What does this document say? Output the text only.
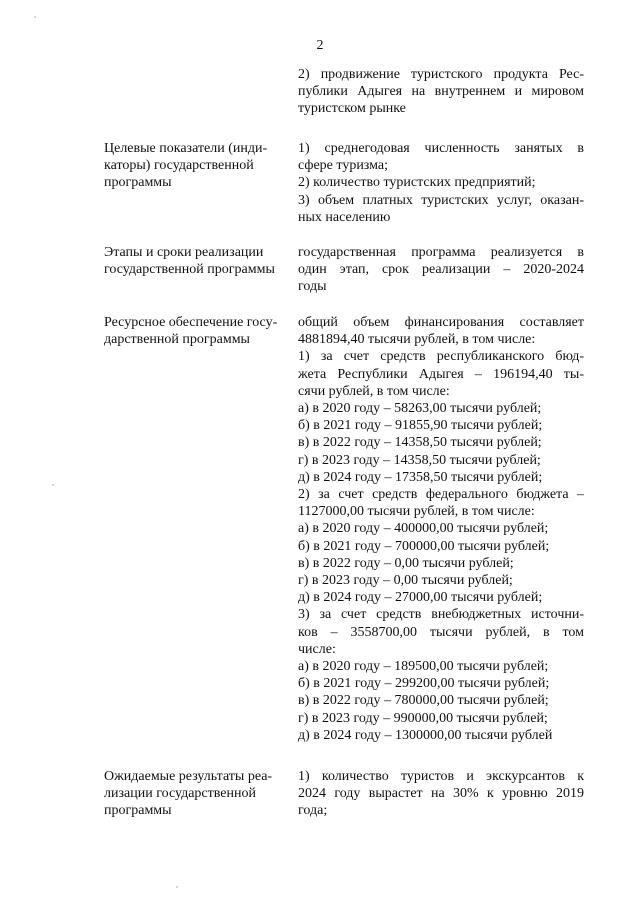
2

2) продвижение туристского продукта Рес-

публики Адыгея на внутреннем и мировом

туристском рынке

Целевые показатели (инди-
каторы) государственной
программы

1) среднегодовая численность занятых в

сфере туризма;

2) количество туристских предприятий;

3) объем платных туристских услуг, оказан-

ных населению

Этапы и сроки реализации
государственной программы

государственная программа реализуется в

один этап, срок реализации – 2020-2024

годы

Ресурсное обеспечение госу-
дарственной программы

общий объем финансирования составляет

4881894,40 тысячи рублей, в том числе:

1) за счет средств республиканского бюд-

жета Республики Адыгея – 196194,40 ты-

сячи рублей, в том числе:

а) в 2020 году – 58263,00 тысячи рублей;

б) в 2021 году – 91855,90 тысячи рублей;

в) в 2022 году – 14358,50 тысячи рублей;

г) в 2023 году – 14358,50 тысячи рублей;

д) в 2024 году – 17358,50 тысячи рублей;

2) за счет средств федерального бюджета –

1127000,00 тысячи рублей, в том числе:

а) в 2020 году – 400000,00 тысячи рублей;

б) в 2021 году – 700000,00 тысячи рублей;

в) в 2022 году – 0,00 тысячи рублей;

г) в 2023 году – 0,00 тысячи рублей;

д) в 2024 году – 27000,00 тысячи рублей;

3) за счет средств внебюджетных источни-

ков – 3558700,00 тысячи рублей, в том

числе:

а) в 2020 году – 189500,00 тысячи рублей;

б) в 2021 году – 299200,00 тысячи рублей;

в) в 2022 году – 780000,00 тысячи рублей;

г) в 2023 году – 990000,00 тысячи рублей;

д) в 2024 году – 1300000,00 тысячи рублей

Ожидаемые результаты реа-
лизации государственной
программы

1) количество туристов и экскурсантов к

2024 году вырастет на 30% к уровню 2019

года;
